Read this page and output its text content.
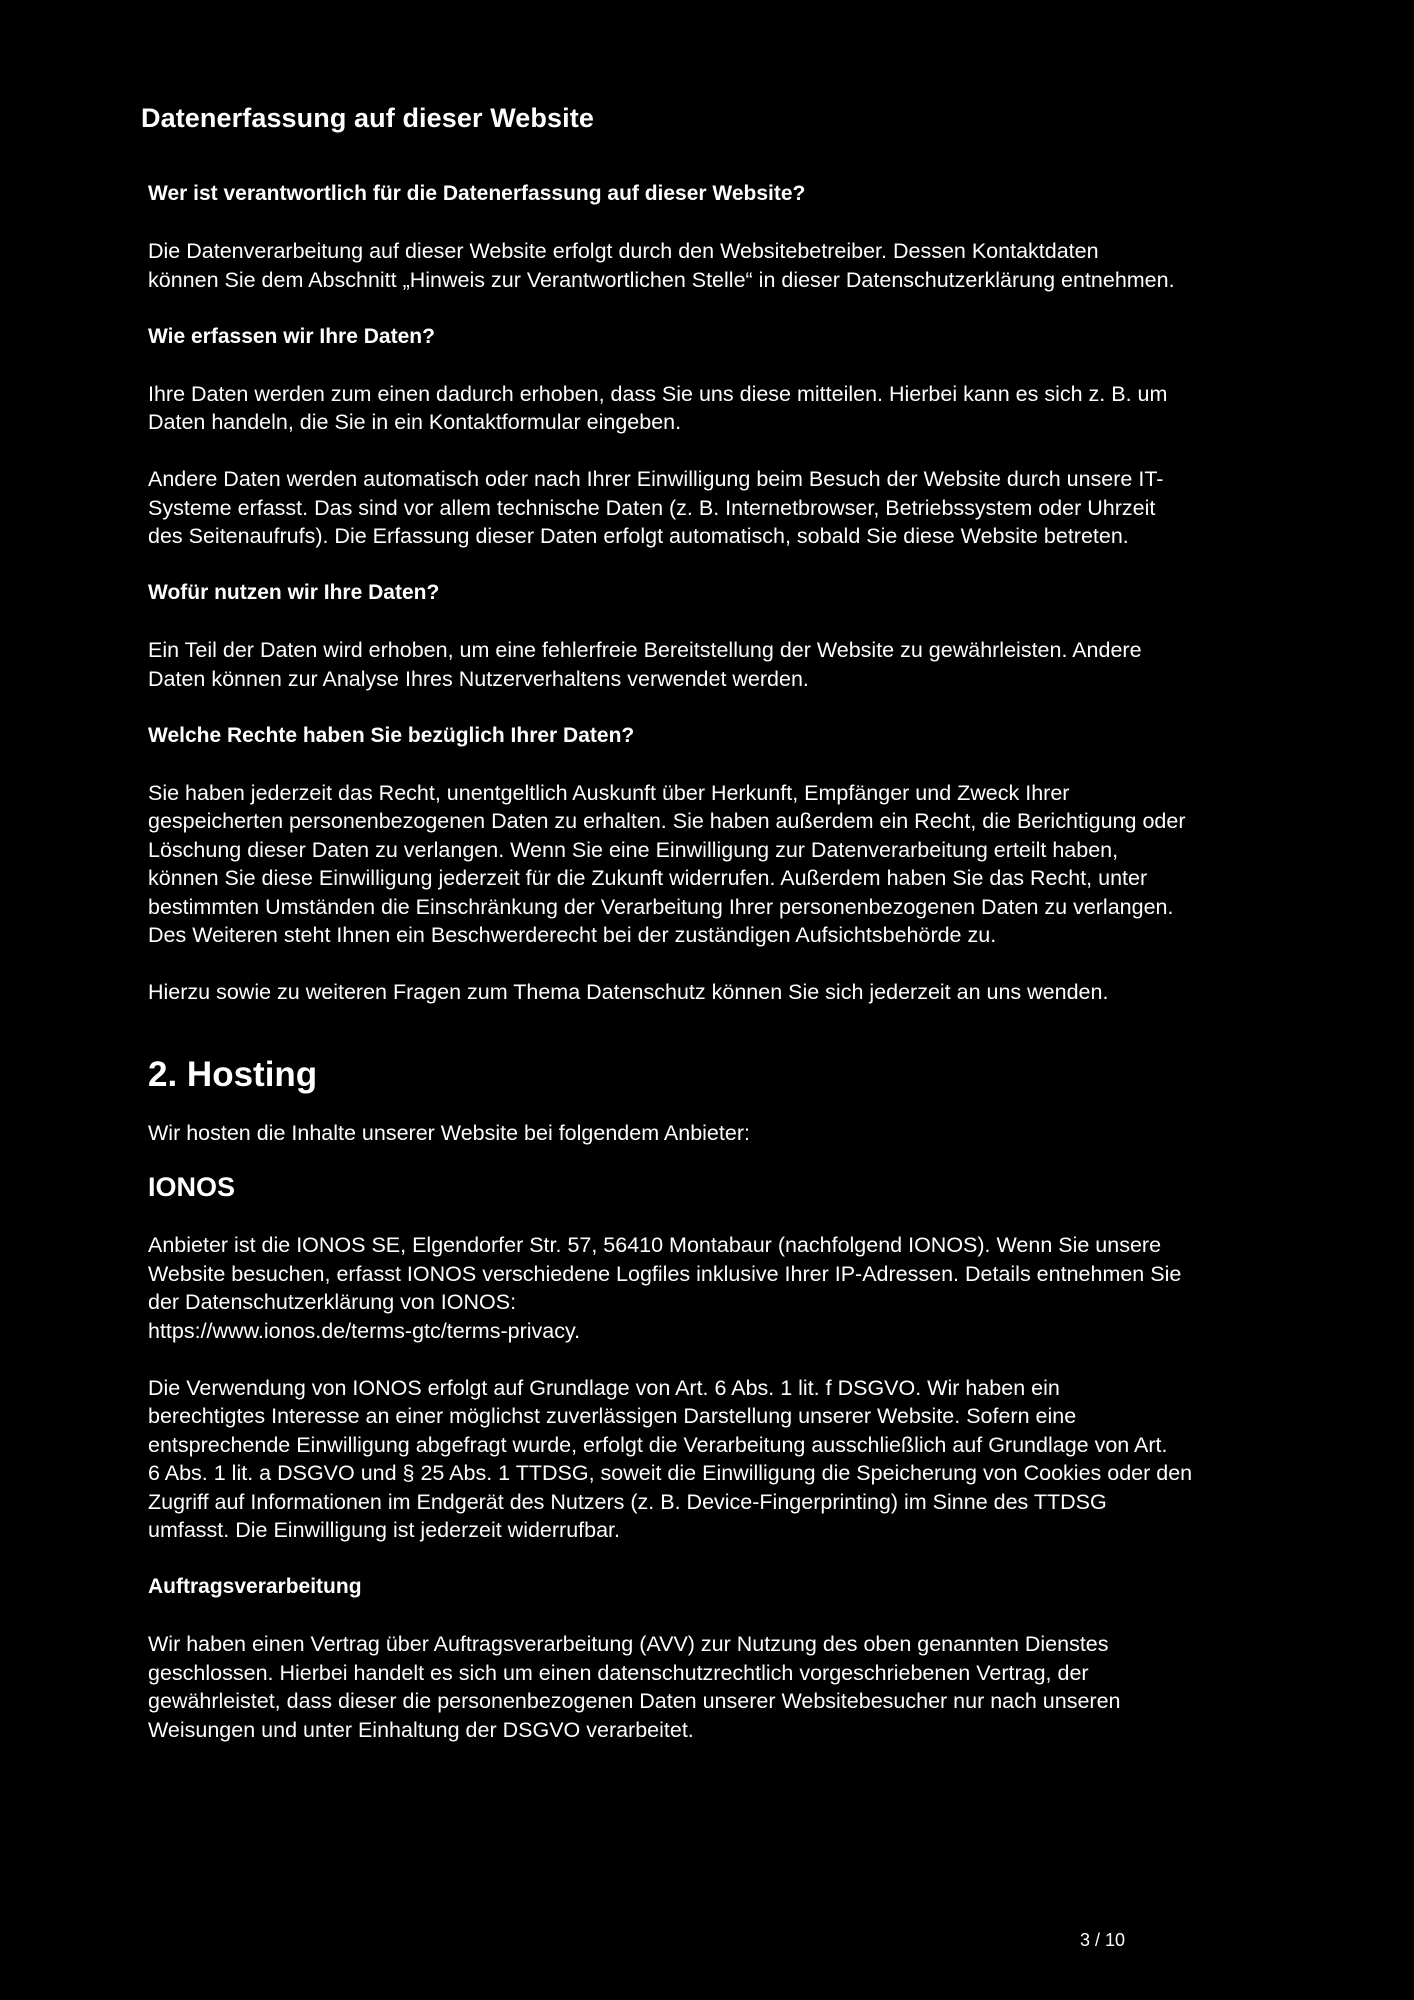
Datenerfassung auf dieser Website

Wer ist verantwortlich für die Datenerfassung auf dieser Website?

Die Datenverarbeitung auf dieser Website erfolgt durch den Websitebetreiber. Dessen Kontaktdaten
können Sie dem Abschnitt „Hinweis zur Verantwortlichen Stelle“ in dieser Datenschutzerklärung entnehmen.

Wie erfassen wir Ihre Daten?

Ihre Daten werden zum einen dadurch erhoben, dass Sie uns diese mitteilen. Hierbei kann es sich z. B. um
Daten handeln, die Sie in ein Kontaktformular eingeben.

Andere Daten werden automatisch oder nach Ihrer Einwilligung beim Besuch der Website durch unsere IT-
Systeme erfasst. Das sind vor allem technische Daten (z. B. Internetbrowser, Betriebssystem oder Uhrzeit
des Seitenaufrufs). Die Erfassung dieser Daten erfolgt automatisch, sobald Sie diese Website betreten.

Wofür nutzen wir Ihre Daten?

Ein Teil der Daten wird erhoben, um eine fehlerfreie Bereitstellung der Website zu gewährleisten. Andere
Daten können zur Analyse Ihres Nutzerverhaltens verwendet werden.

Welche Rechte haben Sie bezüglich Ihrer Daten?

Sie haben jederzeit das Recht, unentgeltlich Auskunft über Herkunft, Empfänger und Zweck Ihrer
gespeicherten personenbezogenen Daten zu erhalten. Sie haben außerdem ein Recht, die Berichtigung oder
Löschung dieser Daten zu verlangen. Wenn Sie eine Einwilligung zur Datenverarbeitung erteilt haben,
können Sie diese Einwilligung jederzeit für die Zukunft widerrufen. Außerdem haben Sie das Recht, unter
bestimmten Umständen die Einschränkung der Verarbeitung Ihrer personenbezogenen Daten zu verlangen.
Des Weiteren steht Ihnen ein Beschwerderecht bei der zuständigen Aufsichtsbehörde zu.

Hierzu sowie zu weiteren Fragen zum Thema Datenschutz können Sie sich jederzeit an uns wenden.

2. Hosting

Wir hosten die Inhalte unserer Website bei folgendem Anbieter:

IONOS

Anbieter ist die IONOS SE, Elgendorfer Str. 57, 56410 Montabaur (nachfolgend IONOS). Wenn Sie unsere
Website besuchen, erfasst IONOS verschiedene Logfiles inklusive Ihrer IP-Adressen. Details entnehmen Sie
der Datenschutzerklärung von IONOS:
https://www.ionos.de/terms-gtc/terms-privacy.

Die Verwendung von IONOS erfolgt auf Grundlage von Art. 6 Abs. 1 lit. f DSGVO. Wir haben ein
berechtigtes Interesse an einer möglichst zuverlässigen Darstellung unserer Website. Sofern eine
entsprechende Einwilligung abgefragt wurde, erfolgt die Verarbeitung ausschließlich auf Grundlage von Art.
6 Abs. 1 lit. a DSGVO und § 25 Abs. 1 TTDSG, soweit die Einwilligung die Speicherung von Cookies oder den
Zugriff auf Informationen im Endgerät des Nutzers (z. B. Device-Fingerprinting) im Sinne des TTDSG
umfasst. Die Einwilligung ist jederzeit widerrufbar.

Auftragsverarbeitung

Wir haben einen Vertrag über Auftragsverarbeitung (AVV) zur Nutzung des oben genannten Dienstes
geschlossen. Hierbei handelt es sich um einen datenschutzrechtlich vorgeschriebenen Vertrag, der
gewährleistet, dass dieser die personenbezogenen Daten unserer Websitebesucher nur nach unseren
Weisungen und unter Einhaltung der DSGVO verarbeitet.

3 / 10
